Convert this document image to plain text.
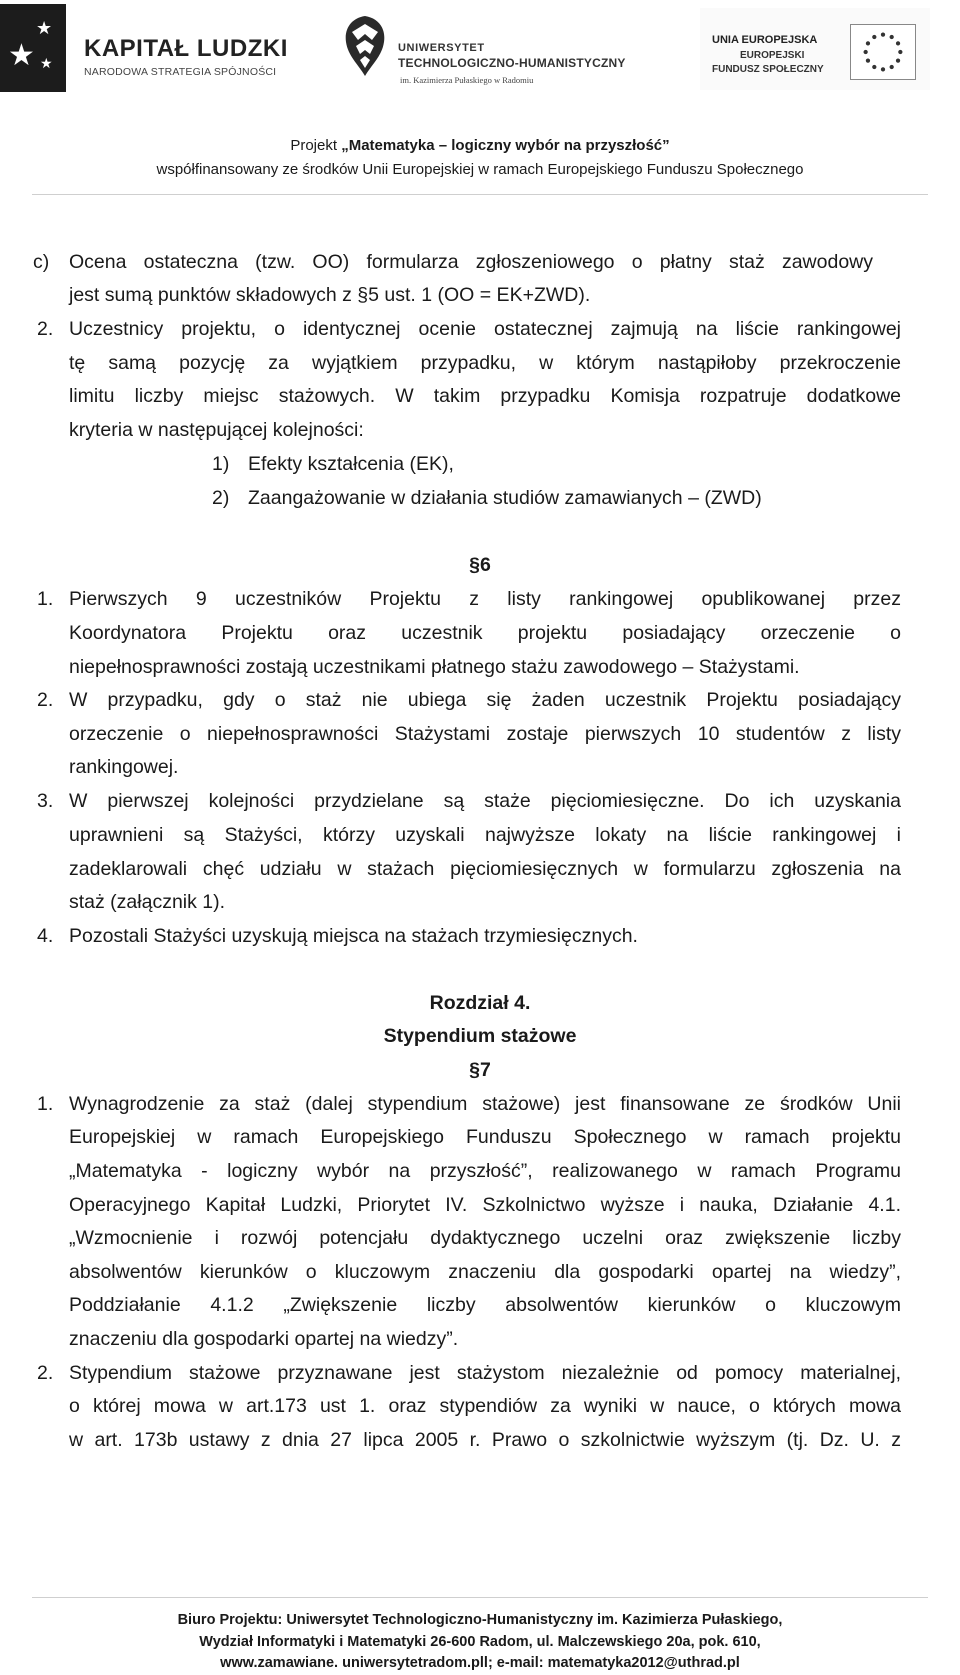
★
★
★
KAPITAŁ LUDZKI
NARODOWA STRATEGIA SPÓJNOŚCI
UNIWERSYTET
TECHNOLOGICZNO-HUMANISTYCZNY
im. Kazimierza Pułaskiego w Radomiu
UNIA EUROPEJSKA
EUROPEJSKI
FUNDUSZ SPOŁECZNY
Projekt „Matematyka – logiczny wybór na przyszłość”
współfinansowany ze środków Unii Europejskiej w ramach Europejskiego Funduszu Społecznego
c) Ocena ostateczna (tzw. OO) formularza zgłoszeniowego o płatny staż zawodowy
jest sumą punktów składowych z §5 ust. 1 (OO = EK+ZWD).
2. Uczestnicy projektu, o identycznej ocenie ostatecznej zajmują na liście rankingowej
tę samą pozycję za wyjątkiem przypadku, w którym nastąpiłoby przekroczenie
limitu liczby miejsc stażowych. W takim przypadku Komisja rozpatruje dodatkowe
kryteria w następującej kolejności:
1) Efekty kształcenia (EK),
2) Zaangażowanie w działania studiów zamawianych – (ZWD)
§6
1. Pierwszych 9 uczestników Projektu z listy rankingowej opublikowanej przez
Koordynatora Projektu oraz uczestnik projektu posiadający orzeczenie o
niepełnosprawności zostają uczestnikami płatnego stażu zawodowego – Stażystami.
2. W przypadku, gdy o staż nie ubiega się żaden uczestnik Projektu posiadający
orzeczenie o niepełnosprawności Stażystami zostaje pierwszych 10 studentów z listy
rankingowej.
3. W pierwszej kolejności przydzielane są staże pięciomiesięczne. Do ich uzyskania
uprawnieni są Stażyści, którzy uzyskali najwyższe lokaty na liście rankingowej i
zadeklarowali chęć udziału w stażach pięciomiesięcznych w formularzu zgłoszenia na
staż (załącznik 1).
4. Pozostali Stażyści uzyskują miejsca na stażach trzymiesięcznych.
Rozdział 4.
Stypendium stażowe
§7
1. Wynagrodzenie za staż (dalej stypendium stażowe) jest finansowane ze środków Unii
Europejskiej w ramach Europejskiego Funduszu Społecznego w ramach projektu
„Matematyka - logiczny wybór na przyszłość”, realizowanego w ramach Programu
Operacyjnego Kapitał Ludzki, Priorytet IV. Szkolnictwo wyższe i nauka, Działanie 4.1.
„Wzmocnienie i rozwój potencjału dydaktycznego uczelni oraz zwiększenie liczby
absolwentów kierunków o kluczowym znaczeniu dla gospodarki opartej na wiedzy”,
Poddziałanie 4.1.2 „Zwiększenie liczby absolwentów kierunków o kluczowym
znaczeniu dla gospodarki opartej na wiedzy”.
2. Stypendium stażowe przyznawane jest stażystom niezależnie od pomocy materialnej,
o której mowa w art.173 ust 1. oraz stypendiów za wyniki w nauce, o których mowa
w art. 173b ustawy z dnia 27 lipca 2005 r. Prawo o szkolnictwie wyższym (tj. Dz. U. z
Biuro Projektu: Uniwersytet Technologiczno-Humanistyczny im. Kazimierza Pułaskiego,
Wydział Informatyki i Matematyki 26-600 Radom, ul. Malczewskiego 20a, pok. 610,
www.zamawiane. uniwersytetradom.pll; e-mail: matematyka2012@uthrad.pl
